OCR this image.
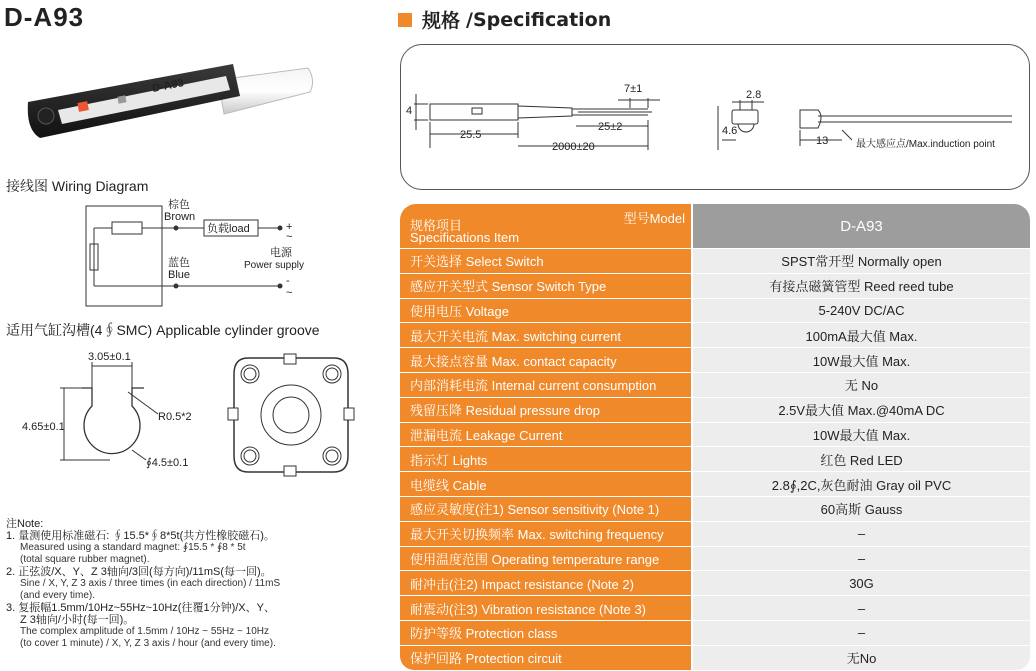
D-A93
D-A93
接线图 Wiring Diagram
棕色
Brown
负载load
蓝色
Blue
电源
Power supply
+
~
-
~
适用气缸沟槽(4∮SMC) Applicable cylinder groove
3.05±0.1
4.65±0.1
R0.5*2
∮4.5±0.1
注Note:
1. 量测使用标准磁石: ∮15.5*∮8*5t(共方性橡胶磁石)。
Measured using a standard magnet: ∮15.5 * ∮8 * 5t
(total square rubber magnet).
2. 正弦波/X、Y、Z 3轴向/3回(每方向)/11mS(每一回)。
Sine / X, Y, Z 3 axis / three times (in each direction) / 11mS
(and every time).
3. 复振幅1.5mm/10Hz~55Hz~10Hz(往覆1分钟)/X、Y、
Z 3轴向/小时(每一回)。
The complex amplitude of 1.5mm / 10Hz ~ 55Hz ~ 10Hz
(to cover 1 minute) / X, Y, Z 3 axis / hour (and every time).
规格 /Specification
4
7±1
25.5
25±2
2000±20
2.8
4.6
13	最大感应点/Max.induction point
型号Model
规格项目
Specifications Item	D-A93
开关选择 Select Switch	SPST常开型 Normally open
感应开关型式 Sensor Switch Type	有接点磁簧管型 Reed reed tube
使用电压 Voltage	5-240V DC/AC
最大开关电流 Max. switching current	100mA最大值 Max.
最大接点容量 Max. contact capacity	10W最大值 Max.
内部消耗电流 Internal current consumption	无 No
残留压降 Residual pressure drop	2.5V最大值 Max.@40mA DC
泄漏电流 Leakage Current	10W最大值 Max.
指示灯 Lights	红色 Red LED
电缆线 Cable	2.8∮,2C,灰色耐油 Gray oil PVC
感应灵敏度(注1) Sensor sensitivity (Note 1)	60高斯 Gauss
最大开关切换频率 Max. switching frequency	–
使用温度范围 Operating temperature range	–
耐冲击(注2) Impact resistance (Note 2)	30G
耐震动(注3) Vibration resistance (Note 3)	–
防护等级 Protection class	–
保护回路 Protection circuit	无No
